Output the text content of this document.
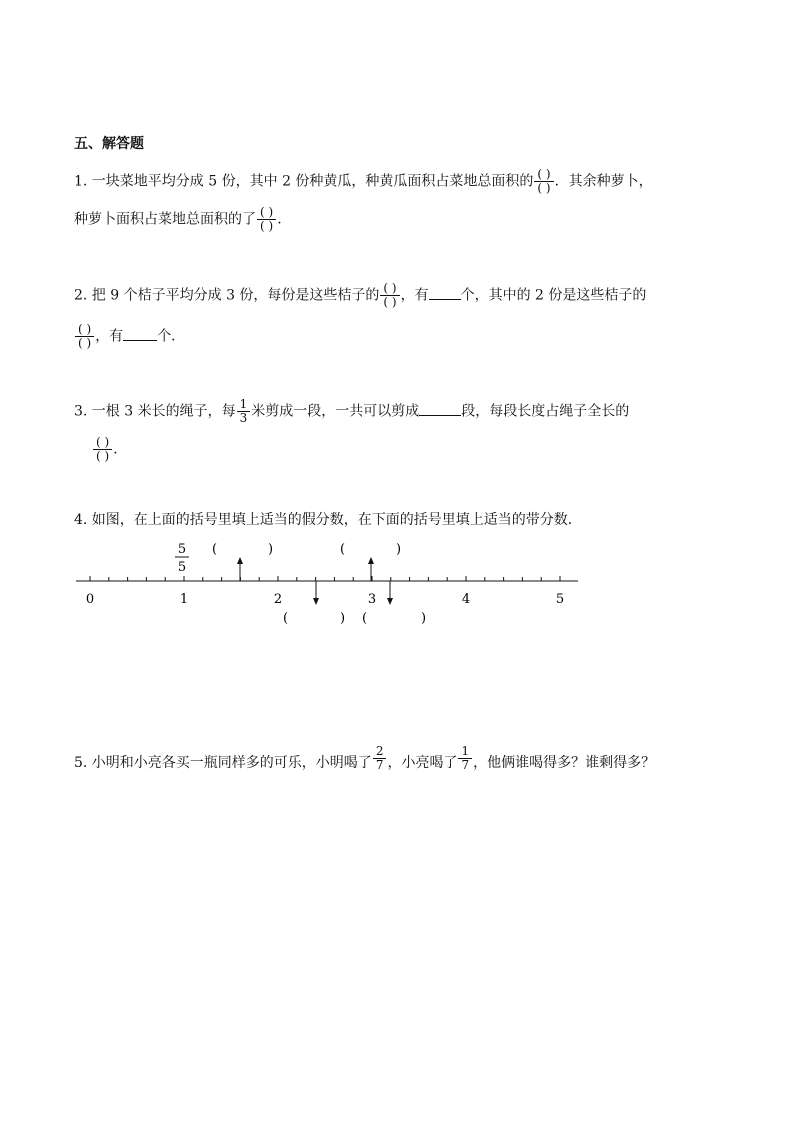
五、解答题
1. 一块菜地平均分成 5 份，其中 2 份种黄瓜，种黄瓜面积占菜地总面积的 $\frac{( )}{( )}$ ．其余种萝卜，
种萝卜面积占菜地总面积的了 $\frac{( )}{( )}$ ．
2. 把 9 个桔子平均分成 3 份，每份是这些桔子的 $\frac{( )}{( )}$ ，有 个，其中的 2 份是这些桔子的
$\frac{( )}{( )}$ ，有 个．
3. 一根 3 米长的绳子，每 $\frac{1}{3}$ 米剪成一段，一共可以剪成	段，每段长度占绳子全长的
$\frac{( )}{( )}$ ．
4. 如图，在上面的括号里填上适当的假分数，在下面的括号里填上适当的带分数．
0	1	2	3	4	5
5
5
(	)	(	)
(	) (	)
5. 小明和小亮各买一瓶同样多的可乐，小明喝了 $\frac{2}{7}$ ，小亮喝了 $\frac{1}{7}$ ，他俩谁喝得多？谁剩得多？
